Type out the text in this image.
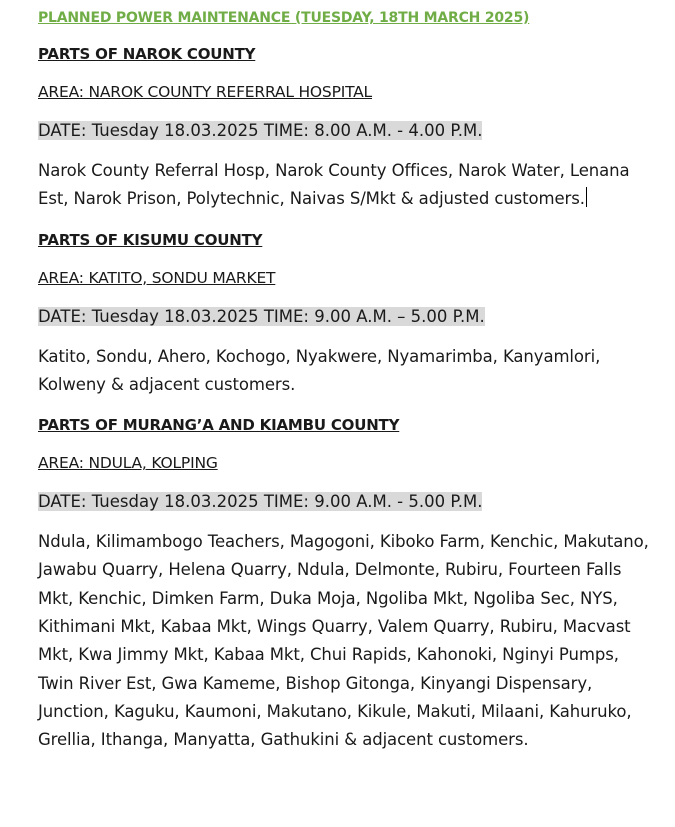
PLANNED POWER MAINTENANCE (TUESDAY, 18TH MARCH 2025)

PARTS OF NAROK COUNTY

AREA: NAROK COUNTY REFERRAL HOSPITAL

DATE: Tuesday 18.03.2025 TIME: 8.00 A.M. - 4.00 P.M.

Narok County Referral Hosp, Narok County Offices, Narok Water, Lenana Est, Narok Prison, Polytechnic, Naivas S/Mkt & adjusted customers.

PARTS OF KISUMU COUNTY

AREA: KATITO, SONDU MARKET

DATE: Tuesday 18.03.2025 TIME: 9.00 A.M. – 5.00 P.M.

Katito, Sondu, Ahero, Kochogo, Nyakwere, Nyamarimba, Kanyamlori, Kolweny & adjacent customers.

PARTS OF MURANG’A AND KIAMBU COUNTY

AREA: NDULA, KOLPING

DATE: Tuesday 18.03.2025 TIME: 9.00 A.M. - 5.00 P.M.

Ndula, Kilimambogo Teachers, Magogoni, Kiboko Farm, Kenchic, Makutano, Jawabu Quarry, Helena Quarry, Ndula, Delmonte, Rubiru, Fourteen Falls Mkt, Kenchic, Dimken Farm, Duka Moja, Ngoliba Mkt, Ngoliba Sec, NYS, Kithimani Mkt, Kabaa Mkt, Wings Quarry, Valem Quarry, Rubiru, Macvast Mkt, Kwa Jimmy Mkt, Kabaa Mkt, Chui Rapids, Kahonoki, Nginyi Pumps, Twin River Est, Gwa Kameme, Bishop Gitonga, Kinyangi Dispensary, Junction, Kaguku, Kaumoni, Makutano, Kikule, Makuti, Milaani, Kahuruko, Grellia, Ithanga, Manyatta, Gathukini & adjacent customers.
